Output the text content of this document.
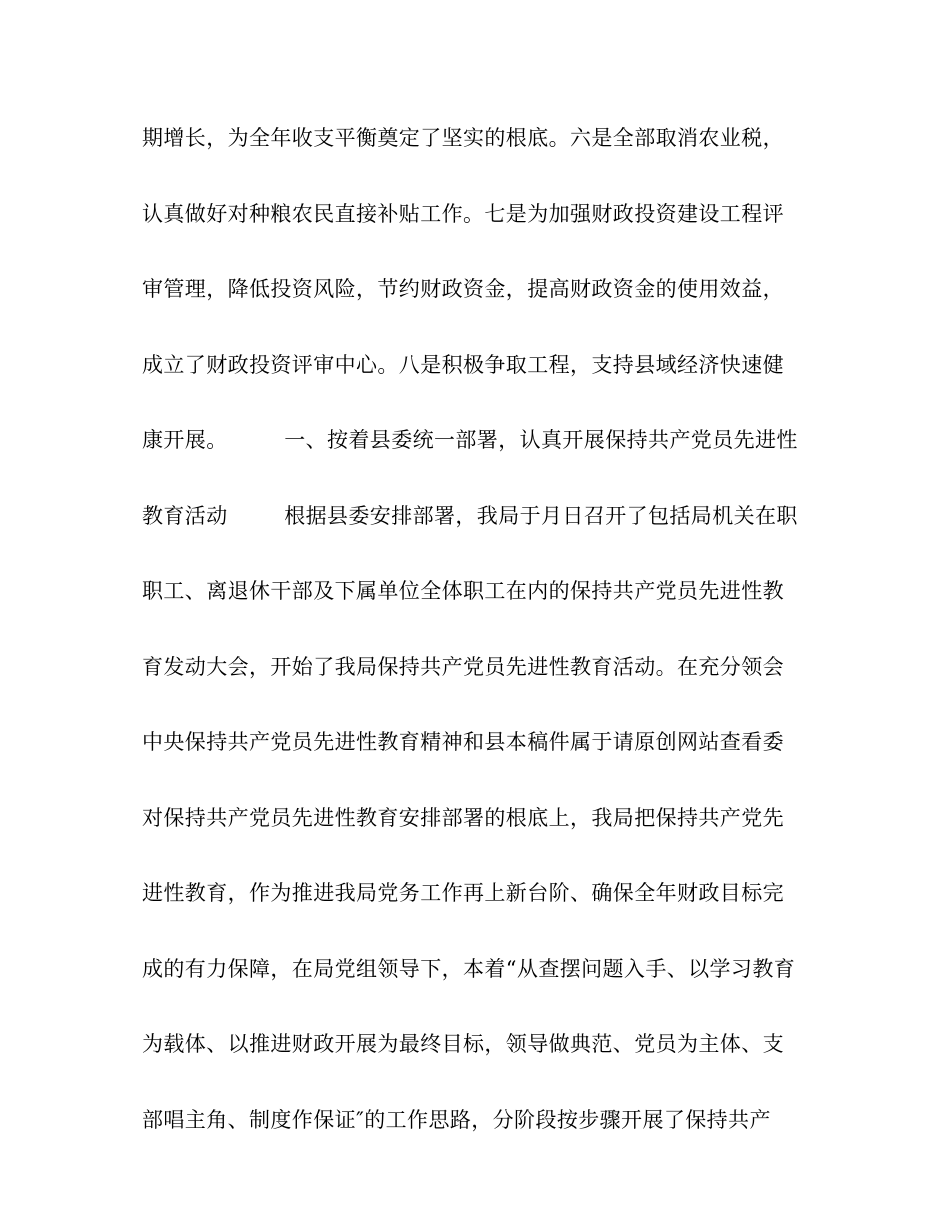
期增长，为全年收支平衡奠定了坚实的根底。六是全部取消农业税，
认真做好对种粮农民直接补贴工作。七是为加强财政投资建设工程评
审管理，降低投资风险，节约财政资金，提高财政资金的使用效益，
成立了财政投资评审中心。八是积极争取工程，支持县域经济快速健
康开展。        一、按着县委统一部署，认真开展保持共产党员先进性
教育活动        根据县委安排部署，我局于月日召开了包括局机关在职
职工、离退休干部及下属单位全体职工在内的保持共产党员先进性教
育发动大会，开始了我局保持共产党员先进性教育活动。在充分领会
中央保持共产党员先进性教育精神和县本稿件属于请原创网站查看委
对保持共产党员先进性教育安排部署的根底上，我局把保持共产党先
进性教育，作为推进我局党务工作再上新台阶、确保全年财政目标完
成的有力保障，在局党组领导下，本着“从查摆问题入手、以学习教育
为载体、以推进财政开展为最终目标，领导做典范、党员为主体、支
部唱主角、制度作保证″的工作思路，分阶段按步骤开展了保持共产
